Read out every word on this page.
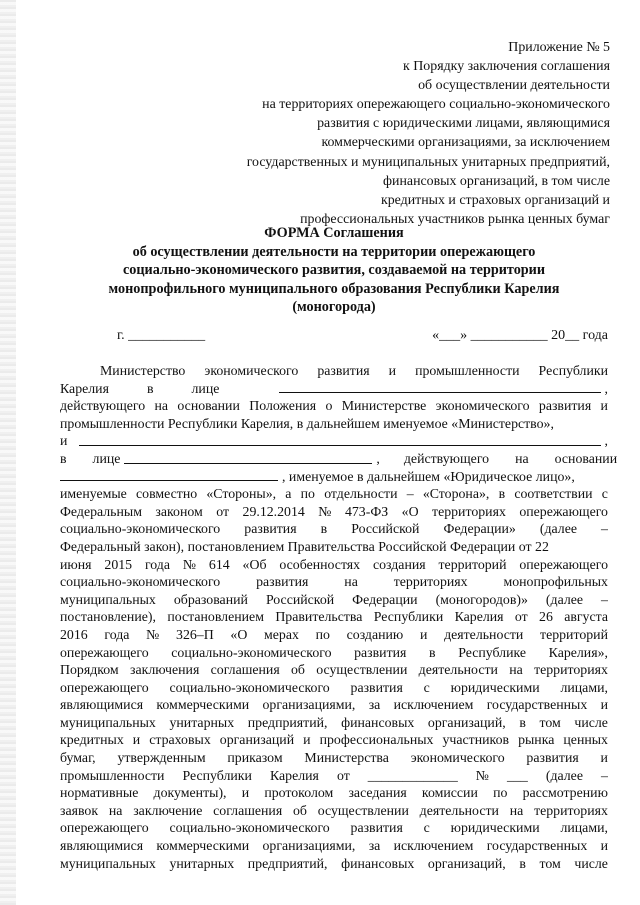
Приложение № 5
к Порядку заключения соглашения
об осуществлении деятельности
на территориях опережающего социально-экономического
развития с юридическими лицами, являющимися
коммерческими организациями, за исключением
государственных и муниципальных унитарных предприятий,
финансовых организаций, в том числе
кредитных и страховых организаций и
профессиональных участников рынка ценных бумаг
ФОРМА Соглашения
об осуществлении деятельности на территории опережающего
социально-экономического развития, создаваемой на территории
монопрофильного муниципального образования Республики Карелия
(моногорода)
г. ___________	«___» ___________ 20__ года
Министерство экономического развития и промышленности Республики
Карелия	в	лице	,
действующего на основании Положения о Министерстве экономического развития и
промышленности Республики Карелия, в дальнейшем именуемое «Министерство»,
и	,
в лице	, действующего на основании
, именуемое в дальнейшем «Юридическое лицо»,
именуемые совместно «Стороны», а по отдельности – «Сторона», в соответствии с
Федеральным законом от 29.12.2014 № 473-ФЗ «О территориях опережающего
социально-экономического развития в Российской Федерации» (далее –
Федеральный закон), постановлением Правительства Российской Федерации от 22
июня 2015 года № 614 «Об особенностях создания территорий опережающего
социально-экономического	развития	на	территориях	монопрофильных
муниципальных образований Российской Федерации (моногородов)» (далее –
постановление), постановлением Правительства Республики Карелия от 26 августа
2016 года № 326–П «О мерах по созданию и деятельности территорий
опережающего социально-экономического развития в Республике Карелия»,
Порядком заключения соглашения об осуществлении деятельности на территориях
опережающего социально-экономического развития с юридическими лицами,
являющимися коммерческими организациями, за исключением государственных и
муниципальных унитарных предприятий, финансовых организаций, в том числе
кредитных и страховых организаций и профессиональных участников рынка ценных
бумаг, утвержденным приказом Министерства экономического развития и
промышленности Республики Карелия от _____________ № ___ (далее –
нормативные документы), и протоколом заседания комиссии по рассмотрению
заявок на заключение соглашения об осуществлении деятельности на территориях
опережающего социально-экономического развития с юридическими лицами,
являющимися коммерческими организациями, за исключением государственных и
муниципальных унитарных предприятий, финансовых организаций, в том числе
